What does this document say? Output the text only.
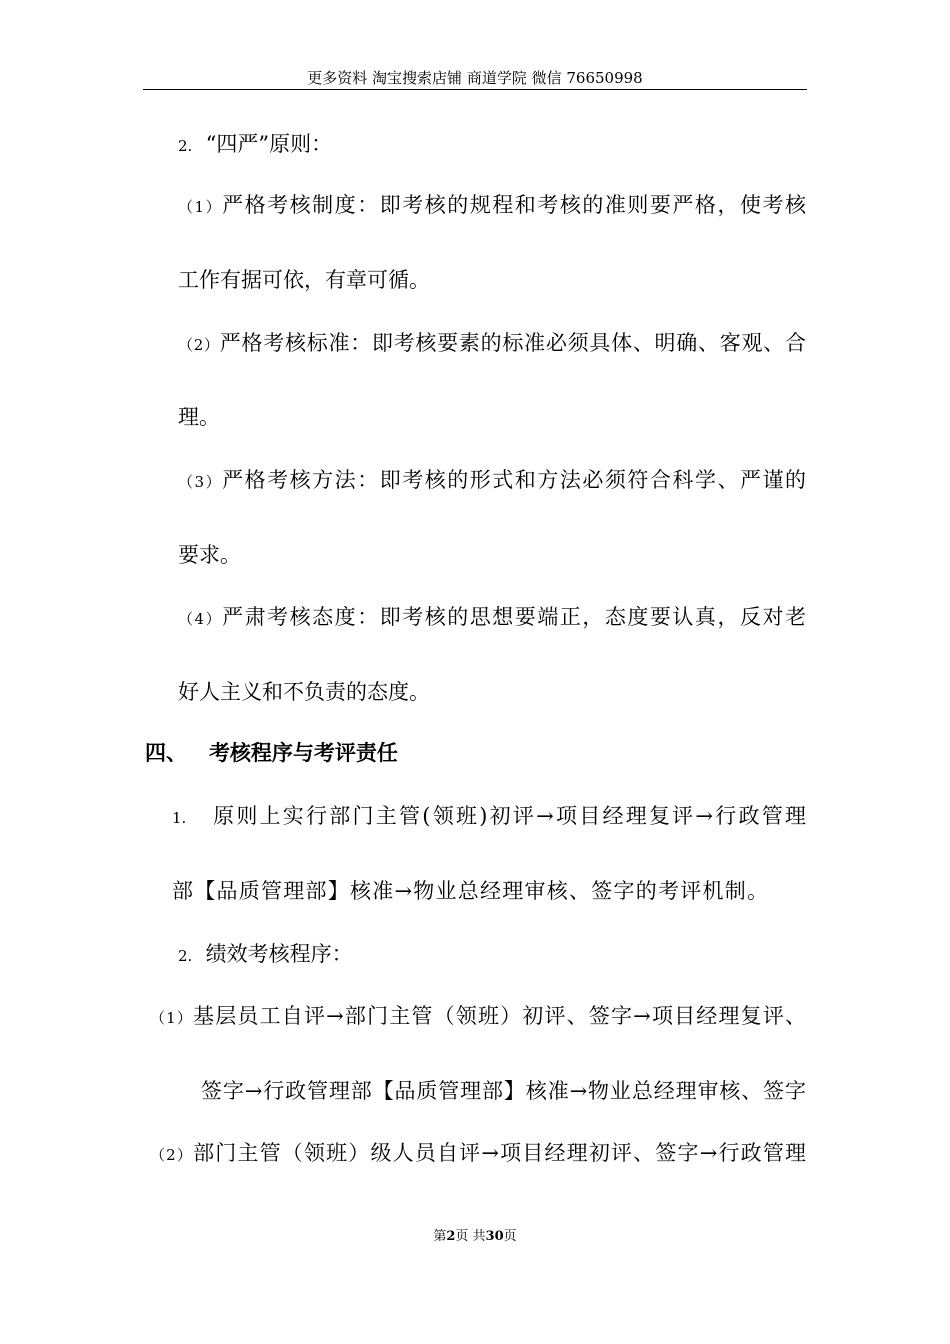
更多资料 淘宝搜索店铺 商道学院 微信 76650998
2. “四严”原则：
（1）严格考核制度：即考核的规程和考核的准则要严格，使考核
工作有据可依，有章可循。
（2）严格考核标准：即考核要素的标准必须具体、明确、客观、合
理。
（3）严格考核方法：即考核的形式和方法必须符合科学、严谨的
要求。
（4）严肃考核态度：即考核的思想要端正，态度要认真，反对老
好人主义和不负责的态度。
四、 考核程序与考评责任
1. 原则上实行部门主管(领班)初评→项目经理复评→行政管理
部【品质管理部】核准→物业总经理审核、签字的考评机制。
2. 绩效考核程序：
（1）基层员工自评→部门主管（领班）初评、签字→项目经理复评、
签字→行政管理部【品质管理部】核准→物业总经理审核、签字
（2）部门主管（领班）级人员自评→项目经理初评、签字→行政管理
第2页 共30页
